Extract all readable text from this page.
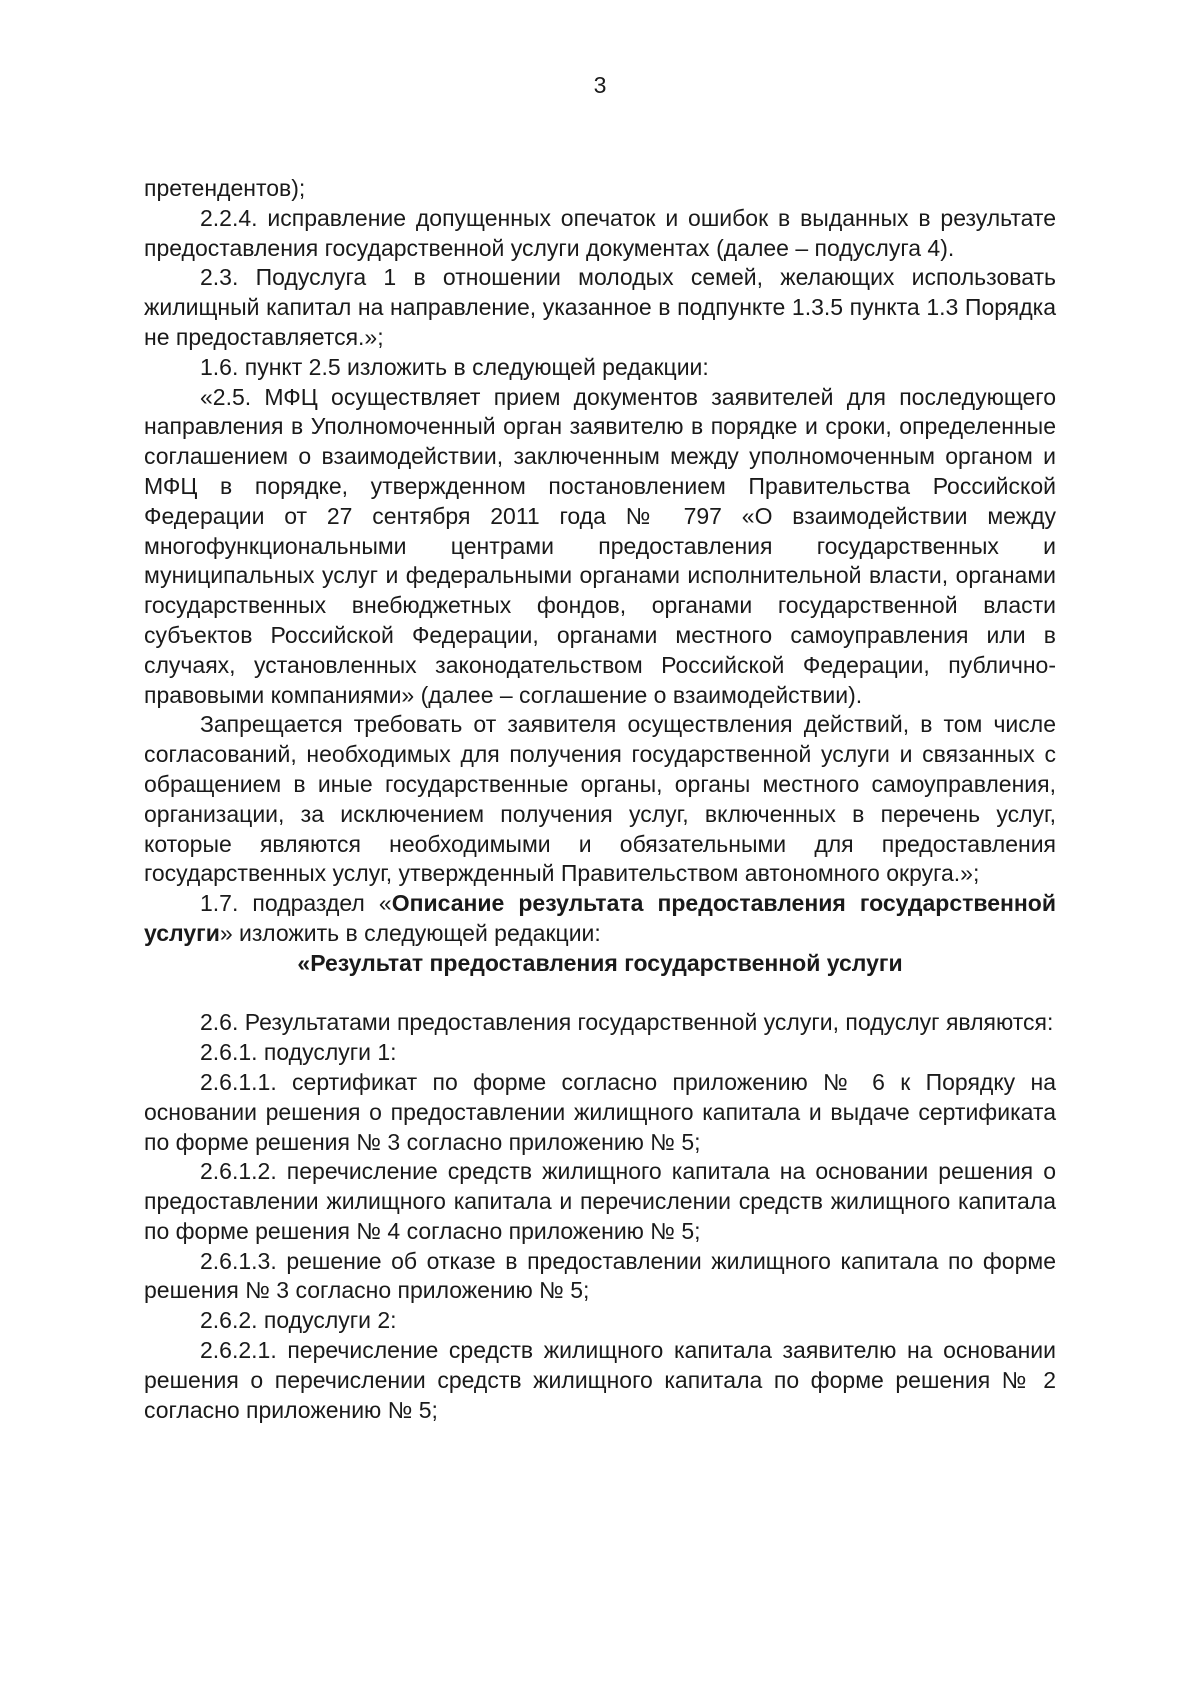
3

претендентов);

2.2.4. исправление допущенных опечаток и ошибок в выданных в результате предоставления государственной услуги документах (далее – подуслуга 4).

2.3. Подуслуга 1 в отношении молодых семей, желающих использовать жилищный капитал на направление, указанное в подпункте 1.3.5 пункта 1.3 Порядка не предоставляется.»;

1.6. пункт 2.5 изложить в следующей редакции:

«2.5. МФЦ осуществляет прием документов заявителей для последующего направления в Уполномоченный орган заявителю в порядке и сроки, определенные соглашением о взаимодействии, заключенным между уполномоченным органом и МФЦ в порядке, утвержденном постановлением Правительства Российской Федерации от 27 сентября 2011 года № 797 «О взаимодействии между многофункциональными центрами предоставления государственных и муниципальных услуг и федеральными органами исполнительной власти, органами государственных внебюджетных фондов, органами государственной власти субъектов Российской Федерации, органами местного самоуправления или в случаях, установленных законодательством Российской Федерации, публично-правовыми компаниями» (далее – соглашение о взаимодействии).

Запрещается требовать от заявителя осуществления действий, в том числе согласований, необходимых для получения государственной услуги и связанных с обращением в иные государственные органы, органы местного самоуправления, организации, за исключением получения услуг, включенных в перечень услуг, которые являются необходимыми и обязательными для предоставления государственных услуг, утвержденный Правительством автономного округа.»;

1.7. подраздел «Описание результата предоставления государственной услуги» изложить в следующей редакции:

«Результат предоставления государственной услуги

2.6. Результатами предоставления государственной услуги, подуслуг являются:

2.6.1. подуслуги 1:

2.6.1.1. сертификат по форме согласно приложению № 6 к Порядку на основании решения о предоставлении жилищного капитала и выдаче сертификата по форме решения № 3 согласно приложению № 5;

2.6.1.2. перечисление средств жилищного капитала на основании решения о предоставлении жилищного капитала и перечислении средств жилищного капитала по форме решения № 4 согласно приложению № 5;

2.6.1.3. решение об отказе в предоставлении жилищного капитала по форме решения № 3 согласно приложению № 5;

2.6.2. подуслуги 2:

2.6.2.1. перечисление средств жилищного капитала заявителю на основании решения о перечислении средств жилищного капитала по форме решения № 2 согласно приложению № 5;
